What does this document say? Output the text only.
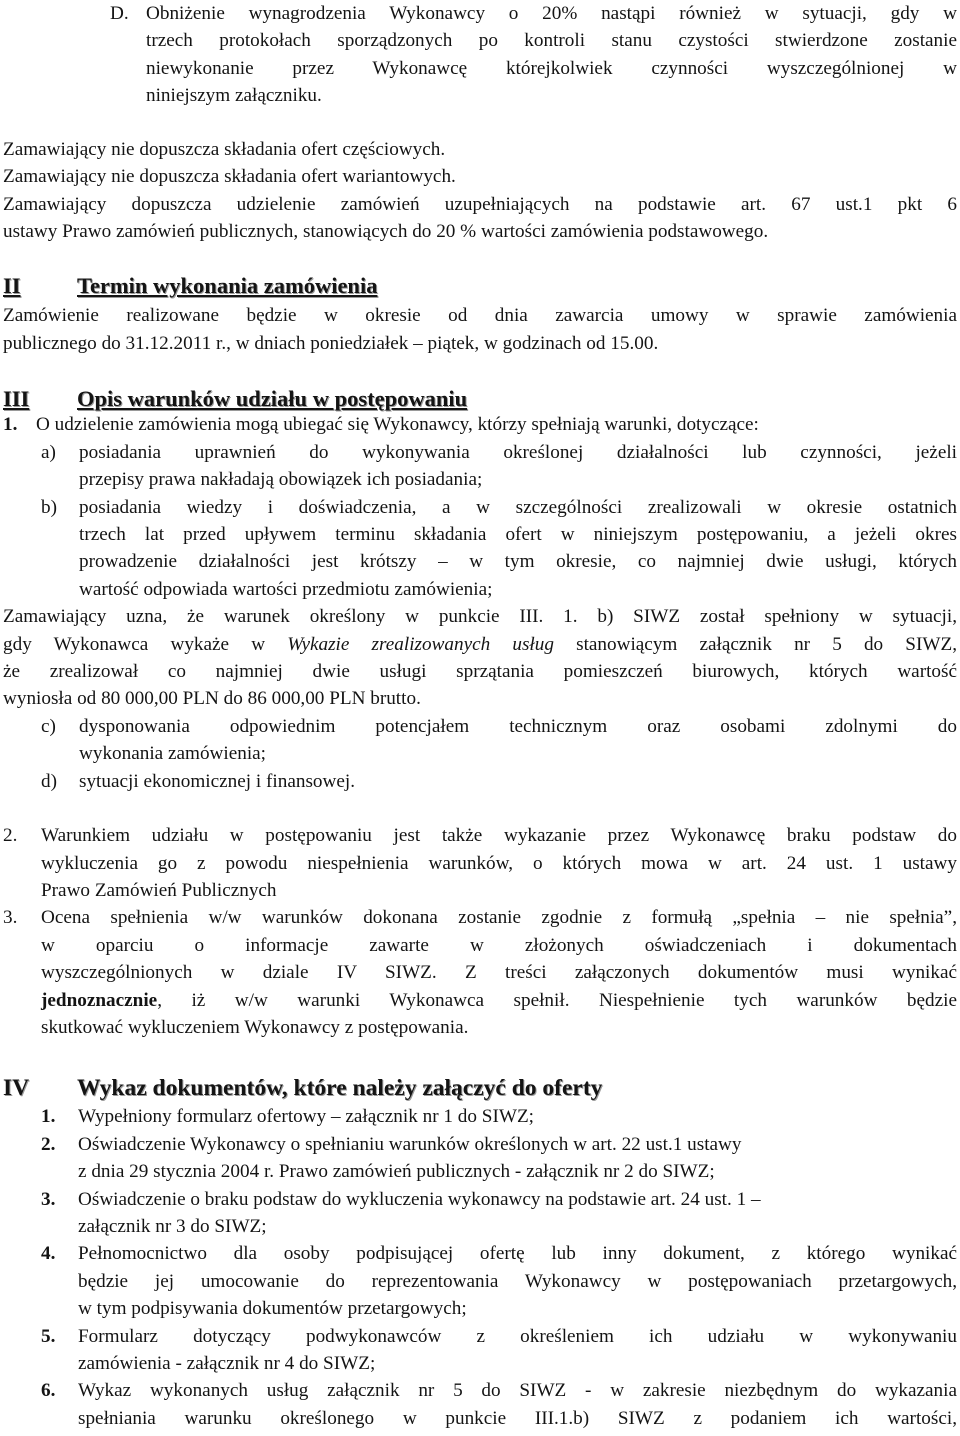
D. Obniżenie wynagrodzenia Wykonawcy o 20% nastąpi również w sytuacji, gdy w

trzech protokołach sporządzonych po kontroli stanu czystości stwierdzone zostanie

niewykonanie przez Wykonawcę którejkolwiek czynności wyszczególnionej w

niniejszym załączniku.

Zamawiający nie dopuszcza składania ofert częściowych.

Zamawiający nie dopuszcza składania ofert wariantowych.

Zamawiający dopuszcza udzielenie zamówień uzupełniających na podstawie art. 67 ust.1 pkt 6

ustawy Prawo zamówień publicznych, stanowiących do 20 % wartości zamówienia podstawowego.

II	Termin wykonania zamówienia

Zamówienie realizowane będzie w okresie od dnia zawarcia umowy w sprawie zamówienia

publicznego do 31.12.2011 r., w dniach poniedziałek – piątek, w godzinach od 15.00.

III Opis warunków udziału w postępowaniu
1. O udzielenie zamówienia mogą ubiegać się Wykonawcy, którzy spełniają warunki, dotyczące:

a) posiadania uprawnień do wykonywania określonej działalności lub czynności, jeżeli

przepisy prawa nakładają obowiązek ich posiadania;

b) posiadania wiedzy i doświadczenia, a w szczególności zrealizowali w okresie ostatnich

trzech lat przed upływem terminu składania ofert w niniejszym postępowaniu, a jeżeli okres

prowadzenie działalności jest krótszy – w tym okresie, co najmniej dwie usługi, których

wartość odpowiada wartości przedmiotu zamówienia;

Zamawiający uzna, że warunek określony w punkcie III. 1. b) SIWZ został spełniony w sytuacji,

gdy Wykonawca wykaże w Wykazie zrealizowanych usług stanowiącym załącznik nr 5 do SIWZ,

że zrealizował co najmniej dwie usługi sprzątania pomieszczeń biurowych, których wartość

wyniosła od 80 000,00 PLN do 86 000,00 PLN brutto.

c) dysponowania odpowiednim potencjałem technicznym oraz osobami zdolnymi do

wykonania zamówienia;

d) sytuacji ekonomicznej i finansowej.

2. Warunkiem udziału w postępowaniu jest także wykazanie przez Wykonawcę braku podstaw do

wykluczenia go z powodu niespełnienia warunków, o których mowa w art. 24 ust. 1 ustawy

Prawo Zamówień Publicznych

3. Ocena spełnienia w/w warunków dokonana zostanie zgodnie z formułą „spełnia – nie spełnia”,

w oparciu o informacje zawarte w złożonych oświadczeniach i dokumentach

wyszczególnionych w dziale IV SIWZ. Z treści załączonych dokumentów musi wynikać

jednoznacznie, iż w/w warunki Wykonawca spełnił. Niespełnienie tych warunków będzie

skutkować wykluczeniem Wykonawcy z postępowania.

IV Wykaz dokumentów, które należy załączyć do oferty
1. Wypełniony formularz ofertowy – załącznik nr 1 do SIWZ;

2. Oświadczenie Wykonawcy o spełnianiu warunków określonych w art. 22 ust.1 ustawy

z dnia 29 stycznia 2004 r. Prawo zamówień publicznych - załącznik nr 2 do SIWZ;

3. Oświadczenie o braku podstaw do wykluczenia wykonawcy na podstawie art. 24 ust. 1 –

załącznik nr 3 do SIWZ;

4. Pełnomocnictwo dla osoby podpisującej ofertę lub inny dokument, z którego wynikać

będzie jej umocowanie do reprezentowania Wykonawcy w postępowaniach przetargowych,

w tym podpisywania dokumentów przetargowych;

5. Formularz dotyczący podwykonawców z określeniem ich udziału w wykonywaniu

zamówienia - załącznik nr 4 do SIWZ;

6. Wykaz wykonanych usług załącznik nr 5 do SIWZ - w zakresie niezbędnym do wykazania

spełniania warunku określonego w punkcie III.1.b) SIWZ z podaniem ich wartości,
